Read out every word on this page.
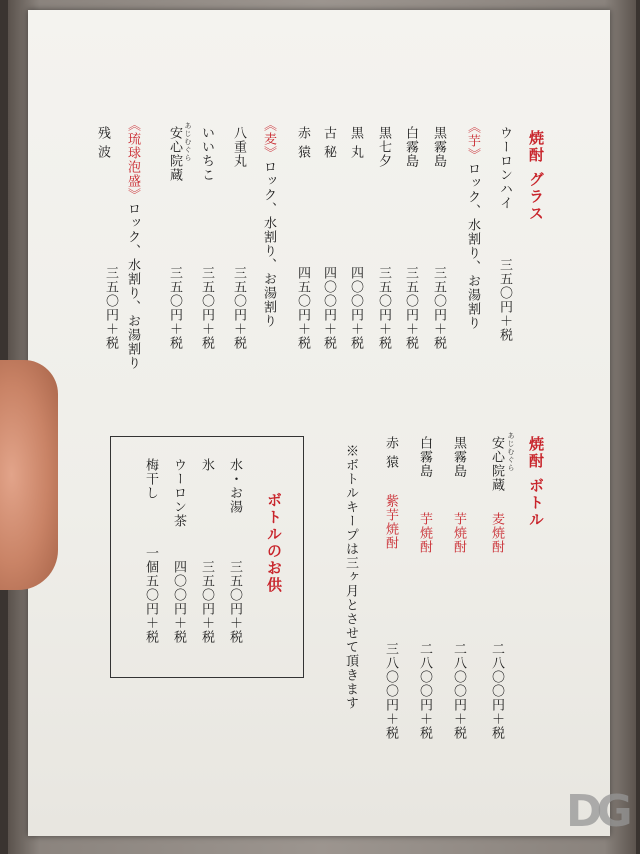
焼酎 グラス
ウーロンハイ
三五〇円＋税
《芋》ロック、水割り、お湯割り
黒霧島
三五〇円＋税
白霧島
三五〇円＋税
黒七夕
三五〇円＋税
黒 丸
四〇〇円＋税
古 秘
四〇〇円＋税
赤 猿
四五〇円＋税
《麦》ロック、水割り、お湯割り
八重丸
三五〇円＋税
いいちこ
三五〇円＋税
あじむぐら
安心院蔵
三五〇円＋税
《琉球泡盛》ロック、水割り、お湯割り
残 波
三五〇円＋税
焼酎 ボトル
あじむぐら
安心院蔵
麦焼酎
二八〇〇円＋税
黒霧島
芋焼酎
二八〇〇円＋税
白霧島
芋焼酎
二八〇〇円＋税
赤 猿
紫芋焼酎
三八〇〇円＋税
※ボトルキープは三ヶ月とさせて頂きます
ボトルのお供
水・お湯
三五〇円＋税
氷
三五〇円＋税
ウーロン茶
四〇〇円＋税
梅干し
一個五〇円＋税
DG
